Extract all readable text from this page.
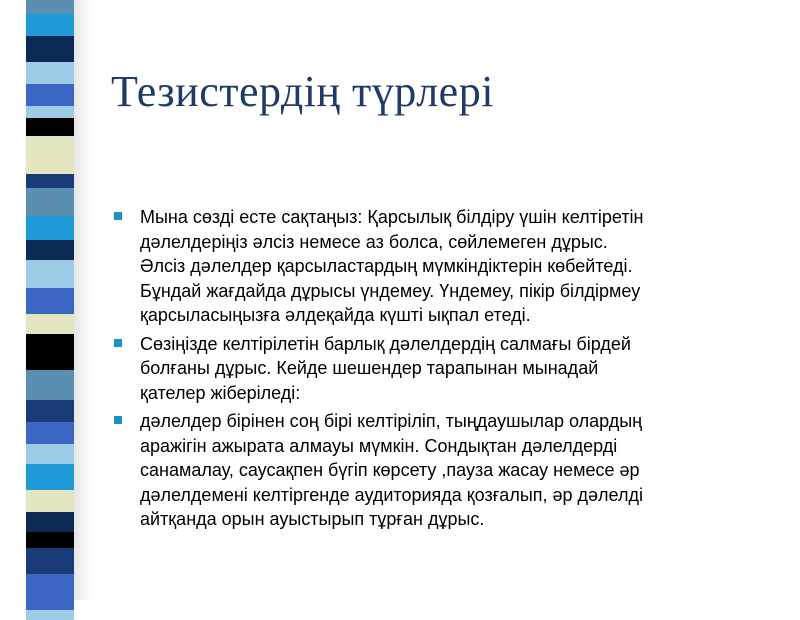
Тезистердің түрлері
Мына сөзді есте сақтаңыз: Қарсылық білдіру үшін келтіретін
дәлелдеріңіз әлсіз немесе аз болса, сөйлемеген дұрыс.
Әлсіз дәлелдер қарсыластардың мүмкіндіктерін көбейтеді.
Бұндай жағдайда дұрысы үндемеу. Үндемеу, пікір білдірмеу
қарсыласыңызға әлдеқайда күшті ықпал етеді.
Сөзіңізде келтірілетін барлық дәлелдердің салмағы бірдей
болғаны дұрыс. Кейде шешендер тарапынан мынадай
қателер жіберіледі:
дәлелдер бірінен соң бірі келтіріліп, тыңдаушылар олардың
аражігін ажырата алмауы мүмкін. Сондықтан дәлелдерді
санамалау, саусақпен бүгіп көрсету ,пауза жасау немесе әр
дәлелдемені келтіргенде аудиторияда қозғалып, әр дәлелді
айтқанда орын ауыстырып тұрған дұрыс.
